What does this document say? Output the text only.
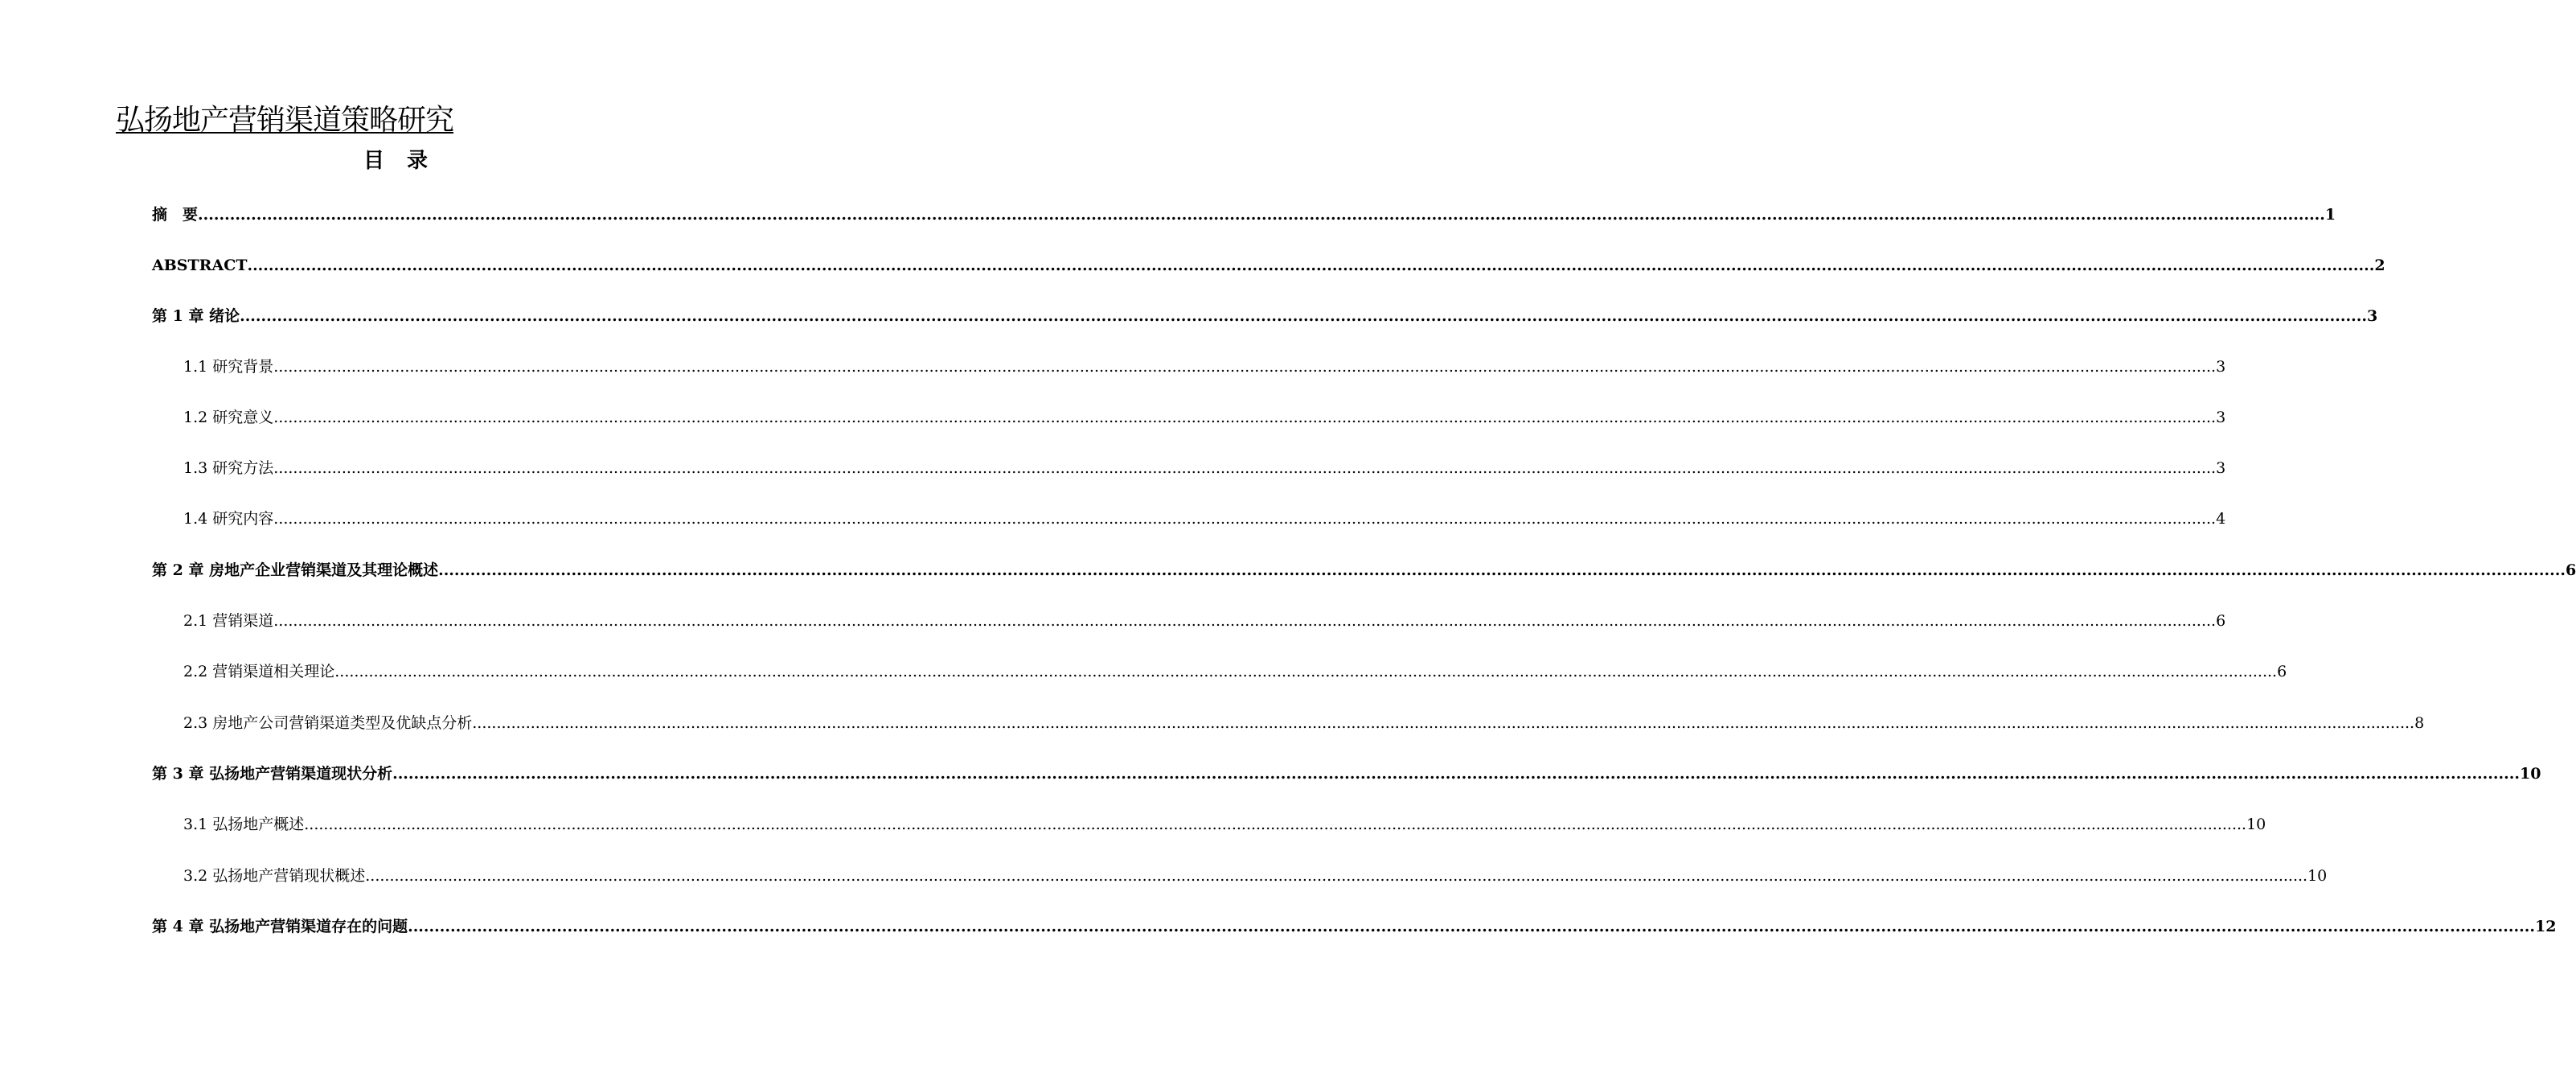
弘扬地产营销渠道策略研究
目录
摘　要 ................................................................................................................................................................................................................................................................................................................................................................................................................ 1
ABSTRACT ................................................................................................................................................................................................................................................................................................................................................................................................................ 2
第 1 章 绪论 ................................................................................................................................................................................................................................................................................................................................................................................................................ 3
1.1 研究背景 ................................................................................................................................................................................................................................................................................................................................................................................................................ 3
1.2 研究意义 ................................................................................................................................................................................................................................................................................................................................................................................................................ 3
1.3 研究方法 ................................................................................................................................................................................................................................................................................................................................................................................................................ 3
1.4 研究内容 ................................................................................................................................................................................................................................................................................................................................................................................................................ 4
第 2 章 房地产企业营销渠道及其理论概述 ................................................................................................................................................................................................................................................................................................................................................................................................................ 6
2.1 营销渠道 ................................................................................................................................................................................................................................................................................................................................................................................................................ 6
2.2 营销渠道相关理论 ................................................................................................................................................................................................................................................................................................................................................................................................................ 6
2.3 房地产公司营销渠道类型及优缺点分析 ................................................................................................................................................................................................................................................................................................................................................................................................................ 8
第 3 章 弘扬地产营销渠道现状分析 ................................................................................................................................................................................................................................................................................................................................................................................................................ 10
3.1 弘扬地产概述 ................................................................................................................................................................................................................................................................................................................................................................................................................ 10
3.2 弘扬地产营销现状概述 ................................................................................................................................................................................................................................................................................................................................................................................................................ 10
第 4 章 弘扬地产营销渠道存在的问题 ................................................................................................................................................................................................................................................................................................................................................................................................................ 12
